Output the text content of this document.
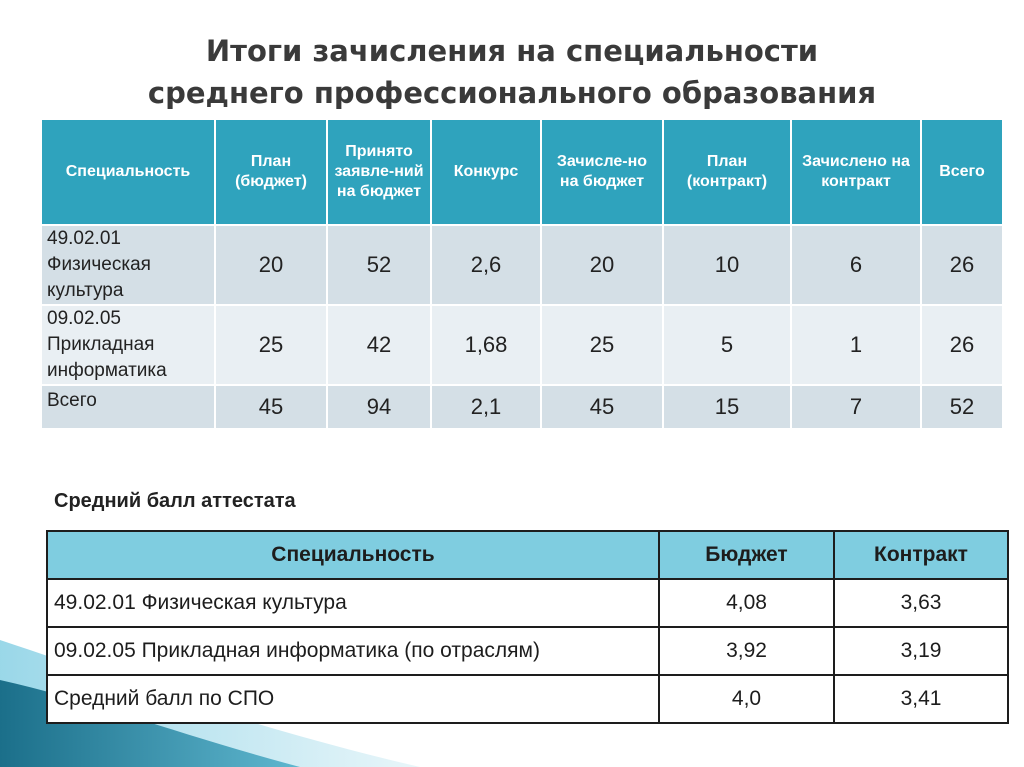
Итоги зачисления на специальности
среднего профессионального образования
Специальность	План (бюджет)	Принято заявле-ний на бюджет	Конкурс	Зачисле-но на бюджет	План (контракт)	Зачислено на контракт	Всего
49.02.01 Физическая культура	20	52	2,6	20	10	6	26
09.02.05 Прикладная информатика	25	42	1,68	25	5	1	26
Всего	45	94	2,1	45	15	7	52
Средний балл аттестата
Специальность	Бюджет	Контракт
49.02.01 Физическая культура	4,08	3,63
09.02.05 Прикладная информатика (по отраслям)	3,92	3,19
Средний балл по СПО	4,0	3,41
